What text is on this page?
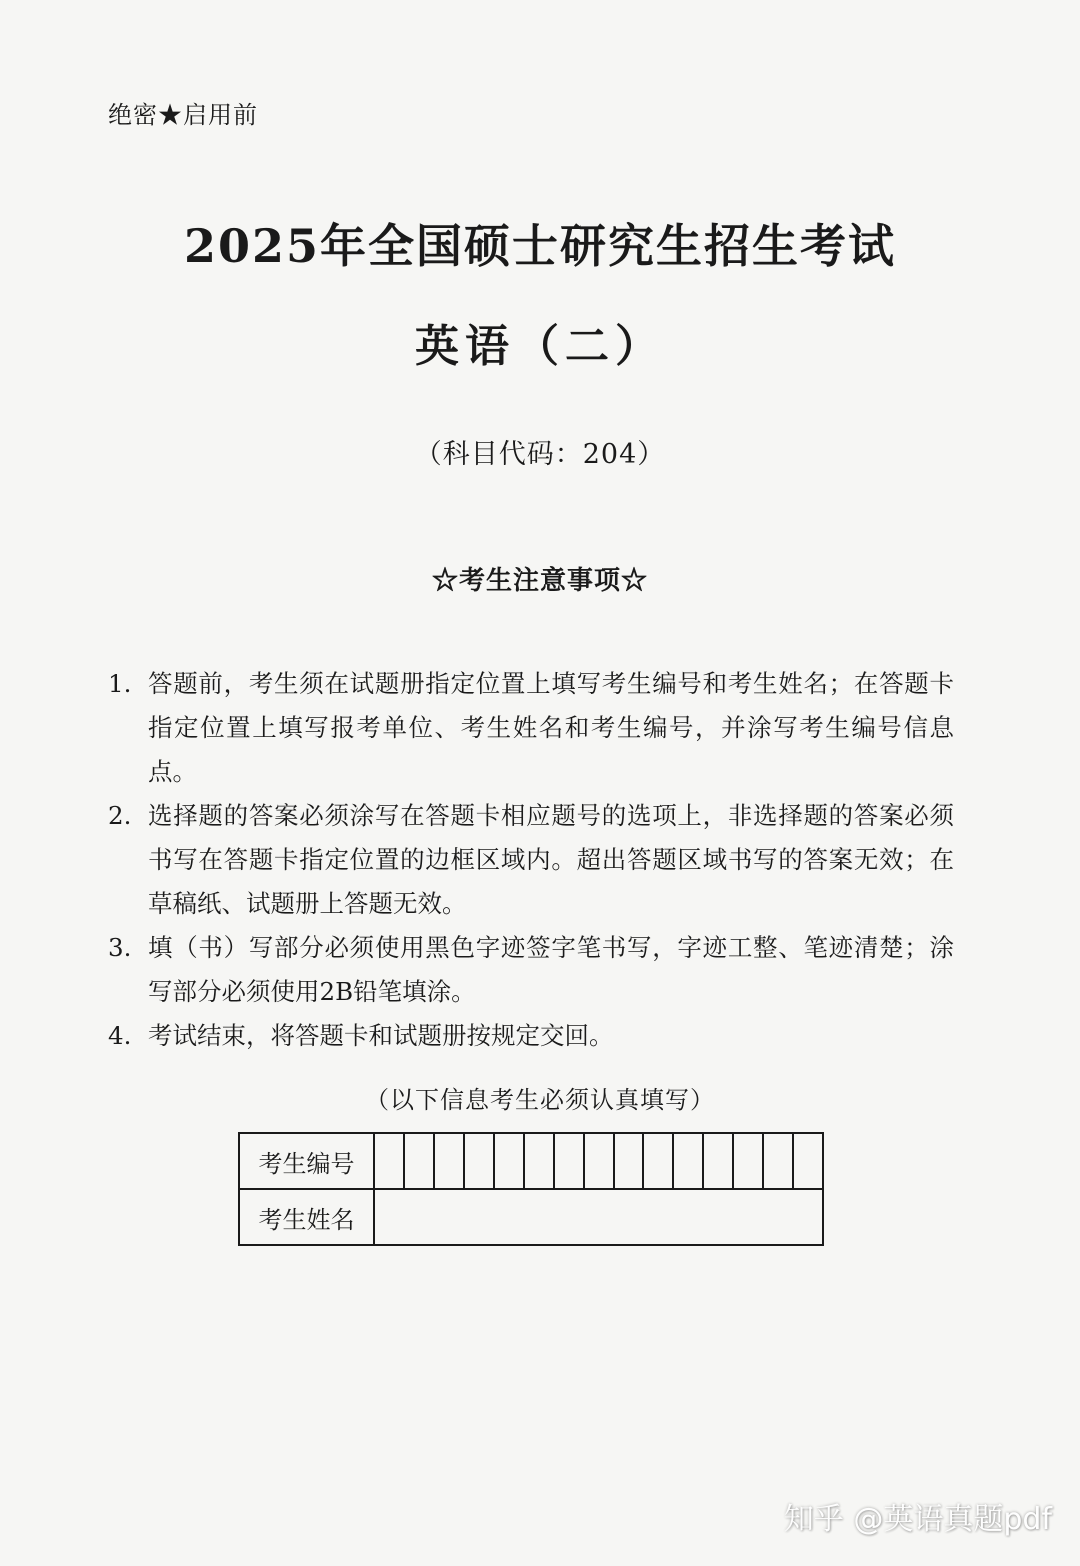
绝密★启用前
2025年全国硕士研究生招生考试
英语（二）
（科目代码：204）
☆考生注意事项☆
1. 答题前，考生须在试题册指定位置上填写考生编号和考生姓名；在答题卡指定位置上填写报考单位、考生姓名和考生编号，并涂写考生编号信息点。
2. 选择题的答案必须涂写在答题卡相应题号的选项上，非选择题的答案必须书写在答题卡指定位置的边框区域内。超出答题区域书写的答案无效；在草稿纸、试题册上答题无效。
3. 填（书）写部分必须使用黑色字迹签字笔书写，字迹工整、笔迹清楚；涂写部分必须使用2B铅笔填涂。
4. 考试结束，将答题卡和试题册按规定交回。
（以下信息考生必须认真填写）
考生编号	

考生姓名	
知乎 @英语真题pdf
